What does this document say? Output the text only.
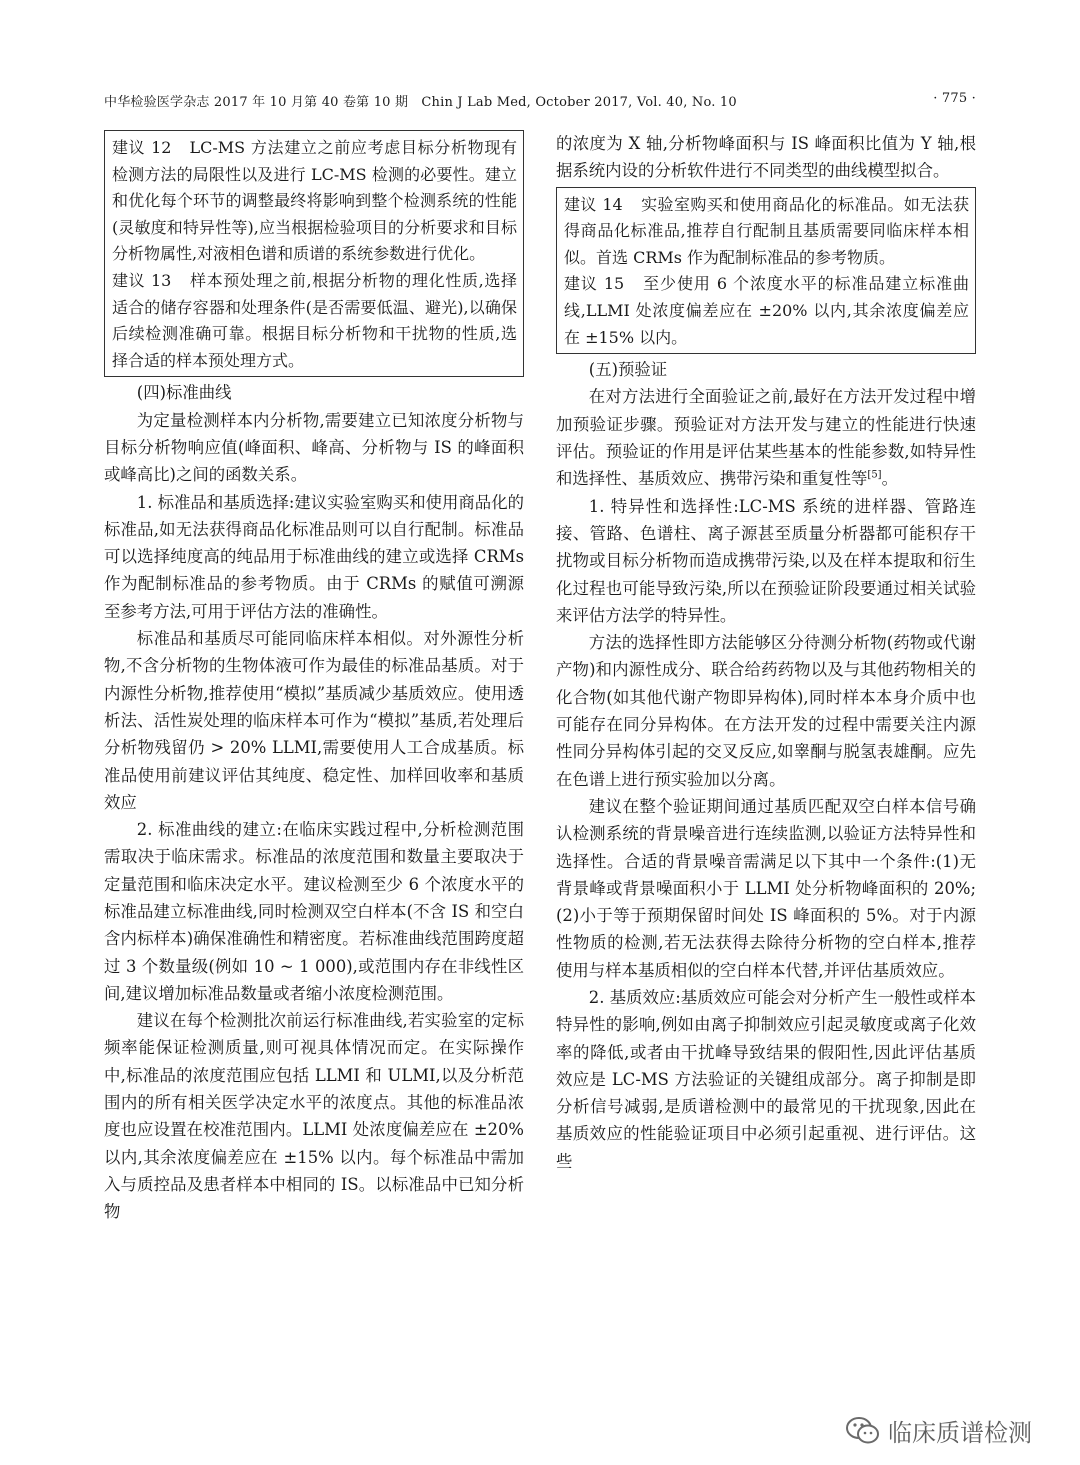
中华检验医学杂志 2017 年 10 月第 40 卷第 10 期　Chin J Lab Med, October 2017, Vol. 40, No. 10	· 775 ·

建议 12 LC-MS 方法建立之前应考虑目标分析物现有检测方法的局限性以及进行 LC-MS 检测的必要性。建立和优化每个环节的调整最终将影响到整个检测系统的性能(灵敏度和特异性等),应当根据检验项目的分析要求和目标分析物属性,对液相色谱和质谱的系统参数进行优化。

建议 13 样本预处理之前,根据分析物的理化性质,选择适合的储存容器和处理条件(是否需要低温、避光),以确保后续检测准确可靠。根据目标分析物和干扰物的性质,选择合适的样本预处理方式。

(四)标准曲线

为定量检测样本内分析物,需要建立已知浓度分析物与目标分析物响应值(峰面积、峰高、分析物与 IS 的峰面积或峰高比)之间的函数关系。

1. 标准品和基质选择:建议实验室购买和使用商品化的标准品,如无法获得商品化标准品则可以自行配制。标准品可以选择纯度高的纯品用于标准曲线的建立或选择 CRMs 作为配制标准品的参考物质。由于 CRMs 的赋值可溯源至参考方法,可用于评估方法的准确性。

标准品和基质尽可能同临床样本相似。对外源性分析物,不含分析物的生物体液可作为最佳的标准品基质。对于内源性分析物,推荐使用“模拟”基质减少基质效应。使用透析法、活性炭处理的临床样本可作为“模拟”基质,若处理后分析物残留仍 > 20% LLMI,需要使用人工合成基质。标准品使用前建议评估其纯度、稳定性、加样回收率和基质效应

2. 标准曲线的建立:在临床实践过程中,分析检测范围需取决于临床需求。标准品的浓度范围和数量主要取决于定量范围和临床决定水平。建议检测至少 6 个浓度水平的标准品建立标准曲线,同时检测双空白样本(不含 IS 和空白含内标样本)确保准确性和精密度。若标准曲线范围跨度超过 3 个数量级(例如 10 ~ 1 000),或范围内存在非线性区间,建议增加标准品数量或者缩小浓度检测范围。

建议在每个检测批次前运行标准曲线,若实验室的定标频率能保证检测质量,则可视具体情况而定。在实际操作中,标准品的浓度范围应包括 LLMI 和 ULMI,以及分析范围内的所有相关医学决定水平的浓度点。其他的标准品浓度也应设置在校准范围内。LLMI 处浓度偏差应在 ±20% 以内,其余浓度偏差应在 ±15% 以内。每个标准品中需加入与质控品及患者样本中相同的 IS。以标准品中已知分析物

的浓度为 X 轴,分析物峰面积与 IS 峰面积比值为 Y 轴,根据系统内设的分析软件进行不同类型的曲线模型拟合。

建议 14 实验室购买和使用商品化的标准品。如无法获得商品化标准品,推荐自行配制且基质需要同临床样本相似。首选 CRMs 作为配制标准品的参考物质。

建议 15 至少使用 6 个浓度水平的标准品建立标准曲线,LLMI 处浓度偏差应在 ±20% 以内,其余浓度偏差应在 ±15% 以内。

(五)预验证

在对方法进行全面验证之前,最好在方法开发过程中增加预验证步骤。预验证对方法开发与建立的性能进行快速评估。预验证的作用是评估某些基本的性能参数,如特异性和选择性、基质效应、携带污染和重复性等[5]。

1. 特异性和选择性:LC-MS 系统的进样器、管路连接、管路、色谱柱、离子源甚至质量分析器都可能积存干扰物或目标分析物而造成携带污染,以及在样本提取和衍生化过程也可能导致污染,所以在预验证阶段要通过相关试验来评估方法学的特异性。

方法的选择性即方法能够区分待测分析物(药物或代谢产物)和内源性成分、联合给药药物以及与其他药物相关的化合物(如其他代谢产物即异构体),同时样本本身介质中也可能存在同分异构体。在方法开发的过程中需要关注内源性同分异构体引起的交叉反应,如睾酮与脱氢表雄酮。应先在色谱上进行预实验加以分离。

建议在整个验证期间通过基质匹配双空白样本信号确认检测系统的背景噪音进行连续监测,以验证方法特异性和选择性。合适的背景噪音需满足以下其中一个条件:(1)无背景峰或背景噪面积小于 LLMI 处分析物峰面积的 20%;(2)小于等于预期保留时间处 IS 峰面积的 5%。对于内源性物质的检测,若无法获得去除待分析物的空白样本,推荐使用与样本基质相似的空白样本代替,并评估基质效应。

2. 基质效应:基质效应可能会对分析产生一般性或样本特异性的影响,例如由离子抑制效应引起灵敏度或离子化效率的降低,或者由干扰峰导致结果的假阳性,因此评估基质效应是 LC-MS 方法验证的关键组成部分。离子抑制是即分析信号减弱,是质谱检测中的最常见的干扰现象,因此在基质效应的性能验证项目中必须引起重视、进行评估。这些

临床质谱检测
